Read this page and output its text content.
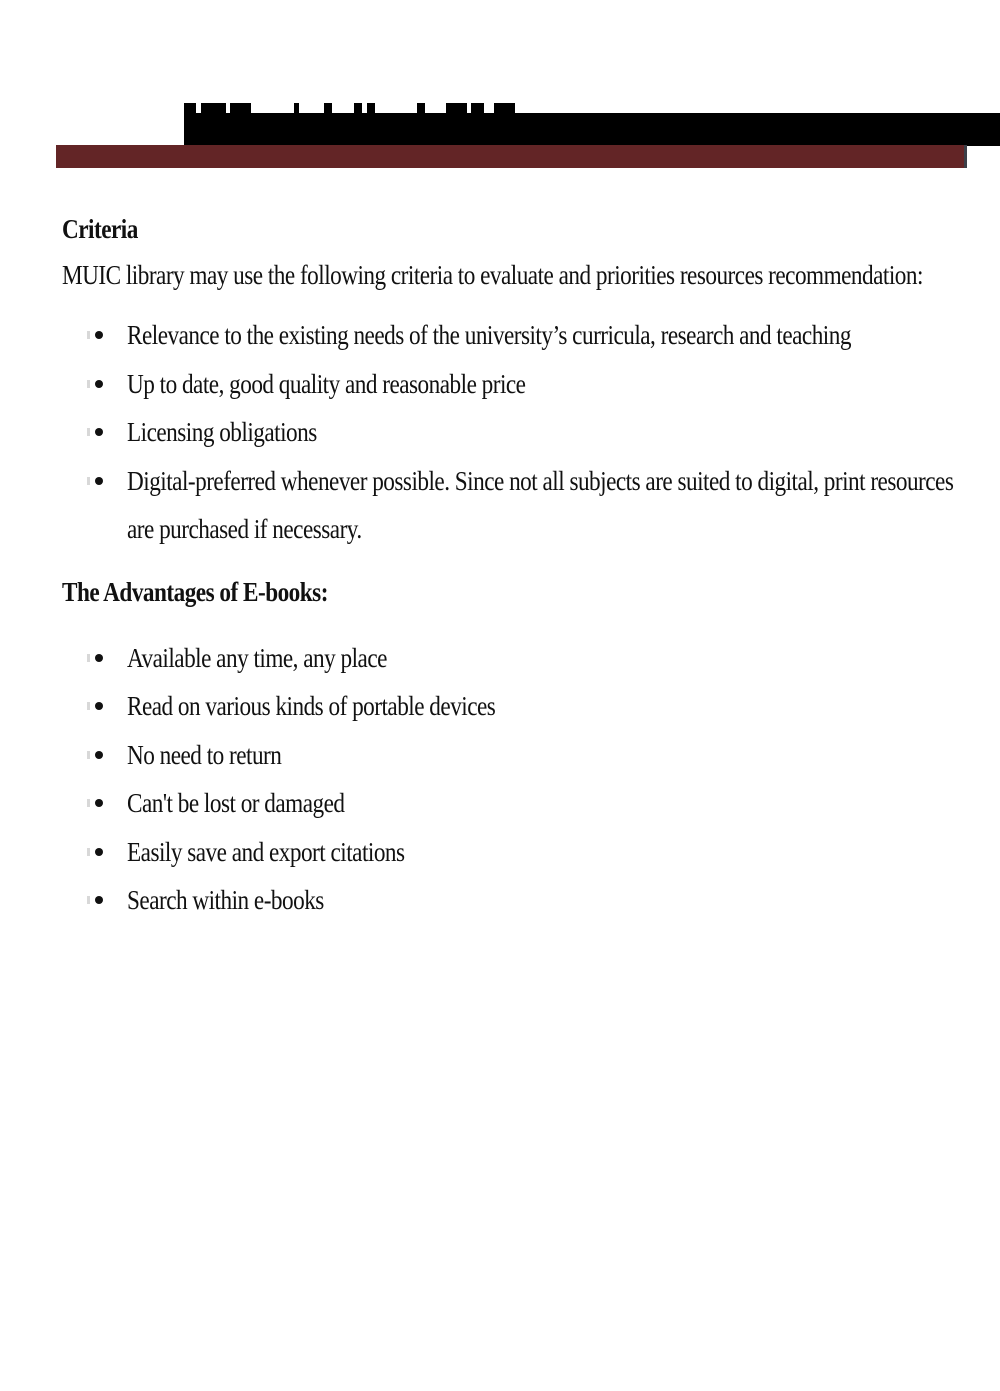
Criteria

MUIC library may use the following criteria to evaluate and priorities resources recommendation:

Relevance to the existing needs of the university’s curricula, research and teaching
Up to date, good quality and reasonable price
Licensing obligations
Digital-preferred whenever possible. Since not all subjects are suited to digital, print resources
are purchased if necessary.
The Advantages of E-books:
Available any time, any place
Read on various kinds of portable devices
No need to return
Can't be lost or damaged
Easily save and export citations
Search within e-books
